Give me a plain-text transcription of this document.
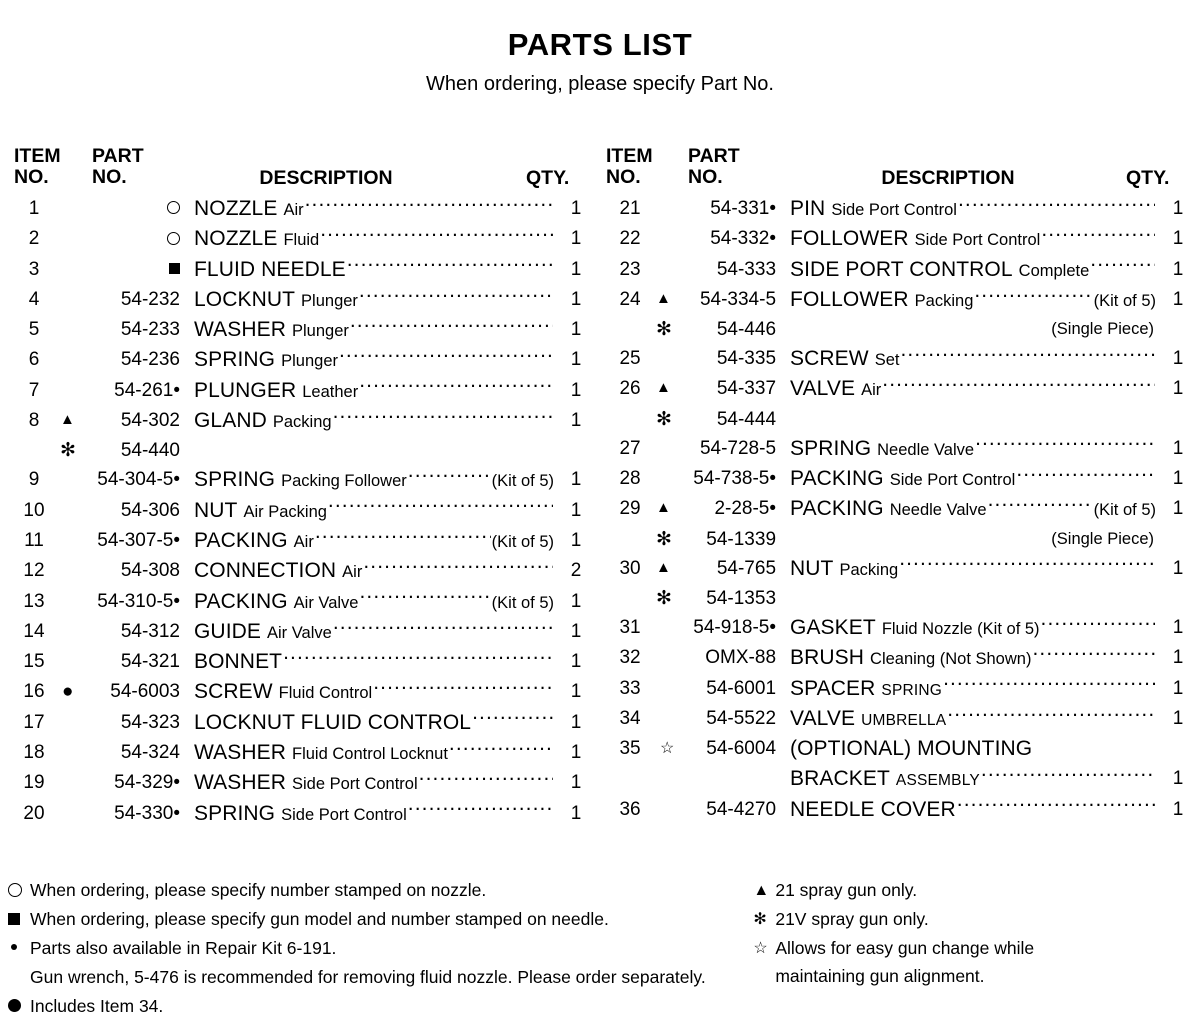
PARTS LIST
When ordering, please specify Part No.
ITEM
NO.
PART
NO.	DESCRIPTION	QTY.
1	NOZZLE Air .....	1
2	NOZZLE Fluid .....	1
3	FLUID NEEDLE .....	1
4	54-232 LOCKNUT Plunger .....	1
5	54-233 WASHER Plunger .....	1
6	54-236 SPRING Plunger .....	1
7	54-261• PLUNGER Leather .....	1
8	▲ 54-302 GLAND Packing .....	1
✻ 54-440
9	54-304-5• SPRING Packing Follower .....	(Kit of 5) 1
10	54-306 NUT Air Packing .....	1
11	54-307-5• PACKING Air .....	(Kit of 5) 1
12	54-308 CONNECTION Air .....	2
13	54-310-5• PACKING Air Valve .....	(Kit of 5) 1
14	54-312 GUIDE Air Valve .....	1
15	54-321 BONNET .....	1
16 ● 54-6003 SCREW Fluid Control .....	1
17	54-323 LOCKNUT FLUID CONTROL .....	1
18	54-324 WASHER Fluid Control Locknut .....	1
19	54-329• WASHER Side Port Control .....	1
20	54-330• SPRING Side Port Control .....	1
ITEM
NO.
PART
NO.	DESCRIPTION	QTY.
21	54-331• PIN Side Port Control .....	1
22	54-332• FOLLOWER Side Port Control .....	1
23	54-333 SIDE PORT CONTROL Complete .....	1
24	▲ 54-334-5 FOLLOWER Packing .....	(Kit of 5) 1
✻ 54-446	(Single Piece)
25	54-335 SCREW Set .....	1
26	▲ 54-337 VALVE Air .....	1
✻ 54-444
27	54-728-5 SPRING Needle Valve .....	1
28	54-738-5• PACKING Side Port Control .....	1
29	▲ 2-28-5• PACKING Needle Valve .....	(Kit of 5) 1
✻ 54-1339	(Single Piece)
30	▲ 54-765 NUT Packing .....	1
✻ 54-1353
31	54-918-5• GASKET Fluid Nozzle (Kit of 5) .....	1
32	OMX-88 BRUSH Cleaning (Not Shown) .....	1
33	54-6001 SPACER SPRING .....	1
34	54-5522 VALVE UMBRELLA .....	1
35	☆ 54-6004 (OPTIONAL) MOUNTING
BRACKET ASSEMBLY .....	1
36	54-4270 NEEDLE COVER .....	1
When ordering, please specify number stamped on nozzle.
When ordering, please specify gun model and number stamped on needle.
Parts also available in Repair Kit 6-191.
Gun wrench, 5-476 is recommended for removing fluid nozzle. Please order separately.
Includes Item 34.
▲ 21 spray gun only.
✻ 21V spray gun only.
☆ Allows for easy gun change while
maintaining gun alignment.
